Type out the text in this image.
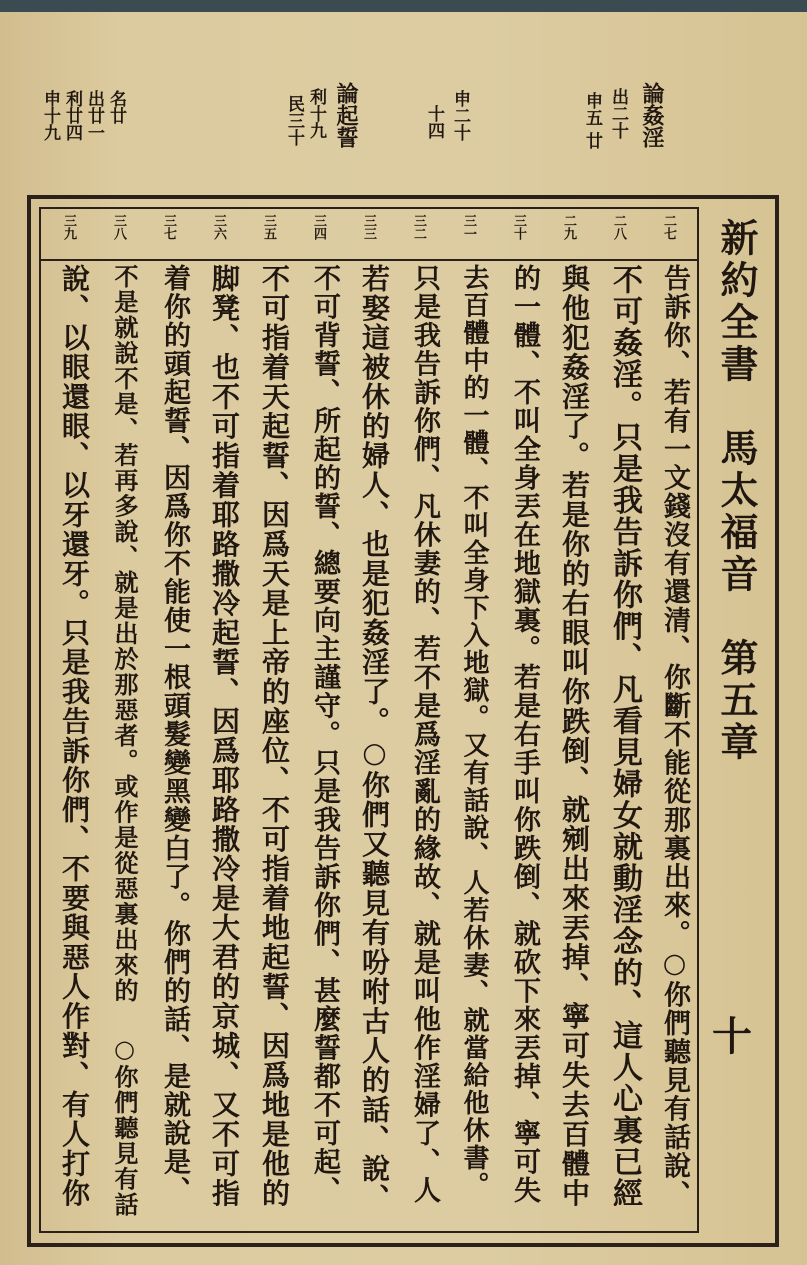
論姦淫
出二十
申五
廿
申二十
十四
論起誓
民三十 利十九
申十九 利廿四 出廿一 名廿
新約全書　馬太福音　第五章
十
二七
二八
二九
三十
三一
三二
三三
三四
三五
三六
三七
三八
三九
告訴你、若有一文錢沒有還清、你斷不能從那裏出來。○你們聽見有話說、
不可姦淫。只是我告訴你們、凡看見婦女就動淫念的、這人心裏已經
與他犯姦淫了。若是你的右眼叫你跌倒、就剜出來丟掉、寧可失去百體中
的一體、不叫全身丟在地獄裏。若是右手叫你跌倒、就砍下來丟掉、寧可失
去百體中的一體、不叫全身下入地獄。又有話說、人若休妻、就當給他休書。
只是我告訴你們、凡休妻的、若不是爲淫亂的緣故、就是叫他作淫婦了、人
若娶這被休的婦人、也是犯姦淫了。○你們又聽見有吩咐古人的話、說、
不可背誓、所起的誓、總要向主謹守。只是我告訴你們、甚麼誓都不可起、
不可指着天起誓、因爲天是上帝的座位、不可指着地起誓、因爲地是他的
脚凳、也不可指着耶路撒冷起誓、因爲耶路撒冷是大君的京城、又不可指
着你的頭起誓、因爲你不能使一根頭髮變黑變白了。你們的話、是就說是、
不是就說不是、若再多說、就是出於那惡者。或作是從惡裏出來的 ○你們聽見有話
說、以眼還眼、以牙還牙。只是我告訴你們、不要與惡人作對、有人打你
